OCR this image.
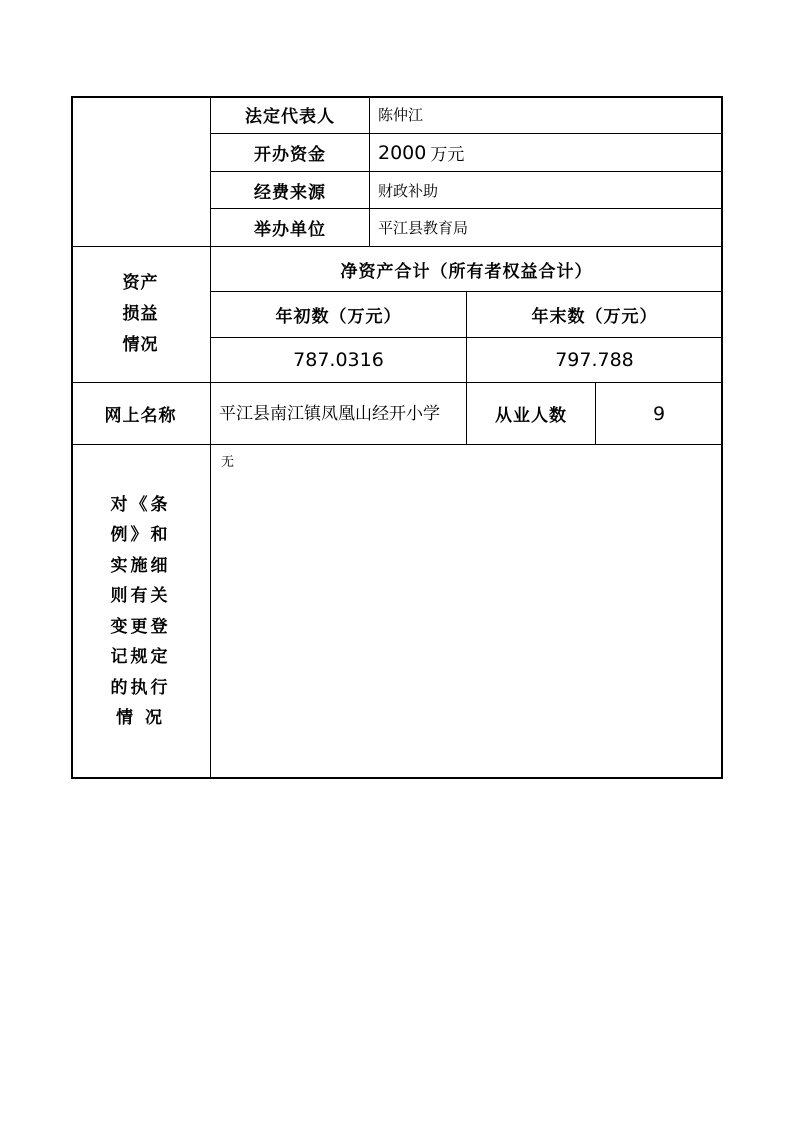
法定代表人	陈仲江
开办资金	2000 万元
经费来源	财政补助
举办单位	平江县教育局
资产
损益
情况
净资产合计（所有者权益合计）
年初数（万元）	年末数（万元）
787.0316	797.788
网上名称	平江县南江镇凤凰山经开小学	从业人数	9
对《条
例》和
实施细
则有关
变更登
记规定
的执行
情 况
无
